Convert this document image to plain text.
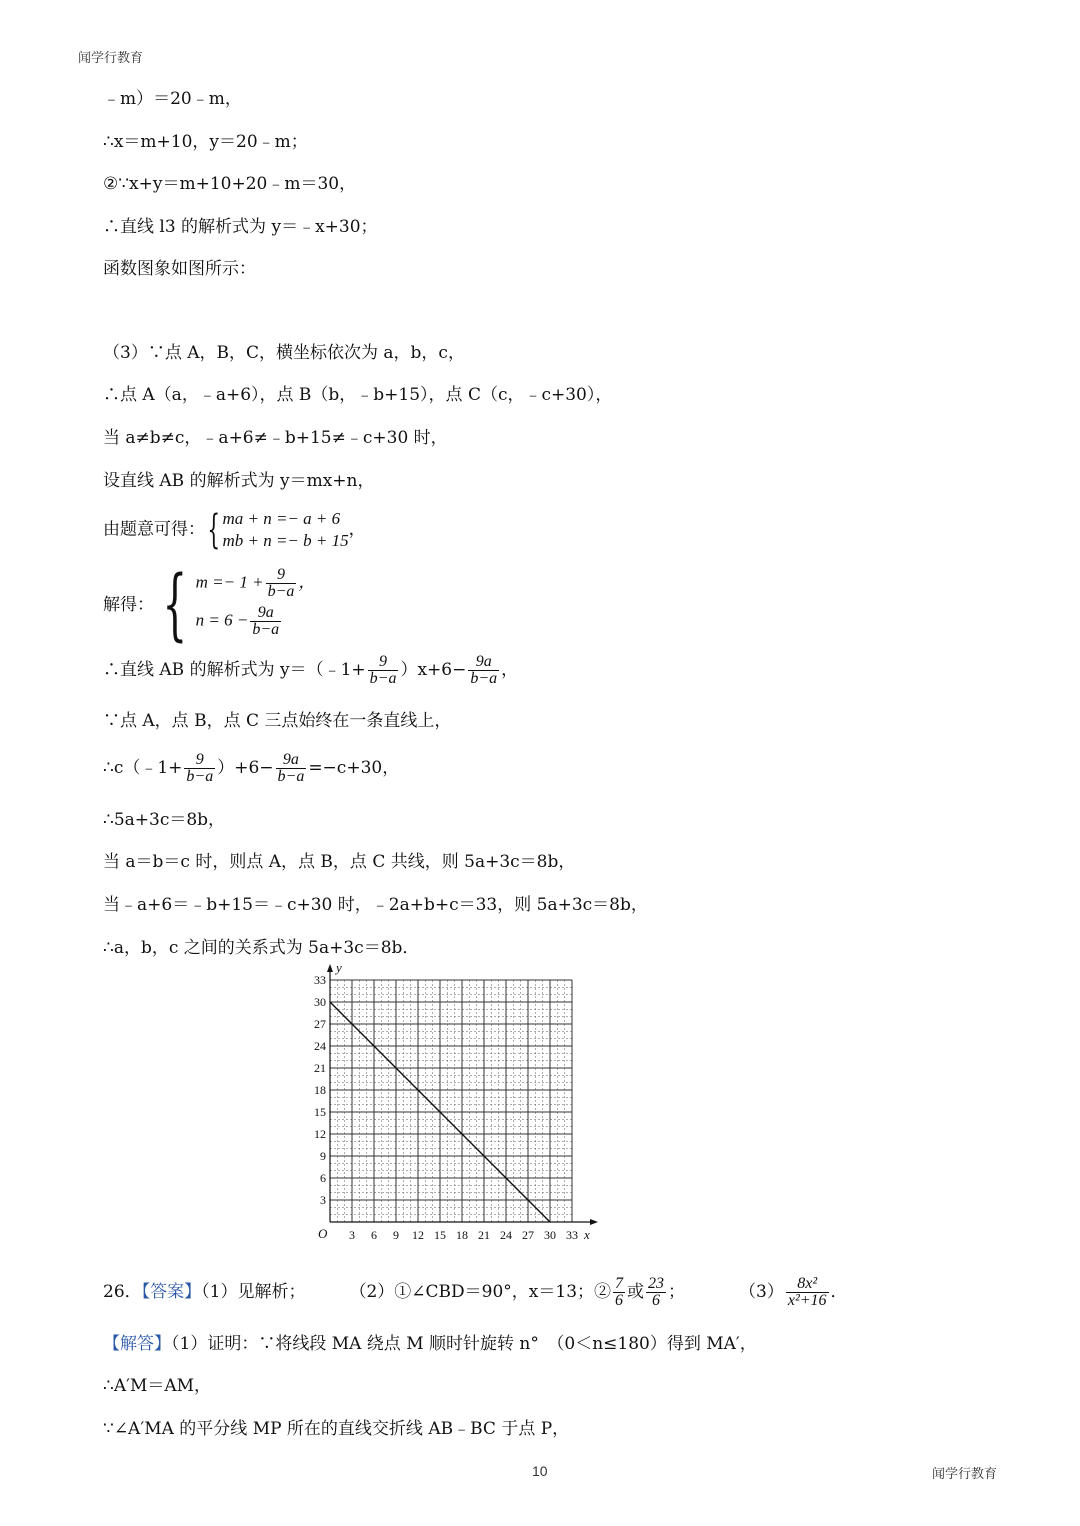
闻学行教育
10	闻学行教育
﹣m）＝20﹣m，
∴x＝m+10，y＝20﹣m；
②∵x+y＝m+10+20﹣m＝30，
∴直线 l3 的解析式为 y＝﹣x+30；
函数图象如图所示：
（3）∵点 A，B，C，横坐标依次为 a，b，c，
∴点 A（a，﹣a+6），点 B（b，﹣b+15），点 C（c，﹣c+30），
当 a≠b≠c，﹣a+6≠﹣b+15≠﹣c+30 时，
设直线 AB 的解析式为 y＝mx+n，
由题意可得：{ ma + n =− a + 6
mb + n =− b + 15
，
解得： { $m =- 1 + \frac{9}{b-a}$ ，
$n = 6 - \frac{9a}{b-a}$
∴直线 AB 的解析式为 y＝（﹣1+ $\frac{9}{b-a} )x+6- \frac{9a}{b-a}$ ，
∵点 A，点 B，点 C 三点始终在一条直线上，
∴c（﹣1+ $\frac{9}{b-a} )+6- \frac{9a}{b-a} =-c+30$，
∴5a+3c＝8b，
当 a＝b＝c 时，则点 A，点 B，点 C 共线，则 5a+3c＝8b，
当﹣a+6＝﹣b+15＝﹣c+30 时，﹣2a+b+c＝33，则 5a+3c＝8b，
∴a，b，c 之间的关系式为 5a+3c＝8b．
3 6 9 12 15 18 21 24 27 30 33
3
6
9
12
15
18
21
24
27
30
33
O	x
y
26．【答案】（1）见解析；	（2）①∠CBD＝90°，x＝13；② $\frac{7}{6}$ 或 $\frac{23}{6}$ ；	$(3) \frac{\text{8x²}}{\text{x²+16}}$ ．
【解答】（1）证明：∵将线段 MA 绕点 M 顺时针旋转 n°　（0＜n≤180）得到 MA′，
∴A′M＝AM，
∵∠A′MA 的平分线 MP 所在的直线交折线 AB﹣BC 于点 P，
